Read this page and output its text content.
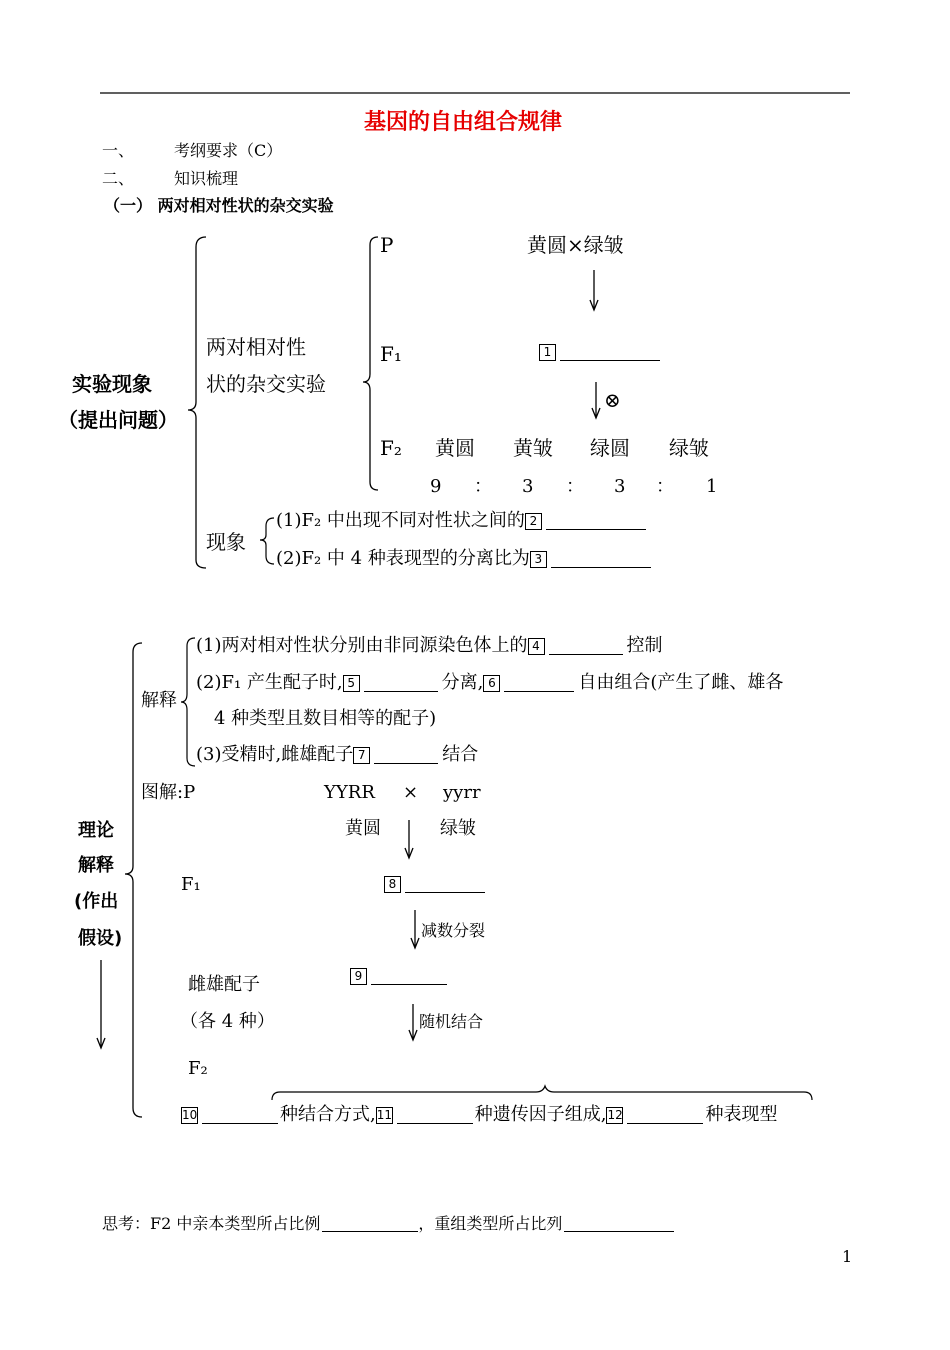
基因的自由组合规律
一、 考纲要求（C）
二、 知识梳理
（一） 两对相对性状的杂交实验
实验现象
（提出问题）
两对相对性
状的杂交实验
P	黄圆×绿皱
F₁	1
⊗
F₂ 黄圆 黄皱 绿圆 绿皱
9 ： 3 ： 3 ： 1
现象
(1)F₂ 中出现不同对性状之间的 2
(2)F₂ 中 4 种表现型的分离比为 3
理论
解释
(作出
假设)
解释
(1)两对相对性状分别由非同源染色体上的 4	控制
(2)F₁ 产生配子时, 5	分离, 6	自由组合(产生了雌、雄各
4 种类型且数目相等的配子)
(3)受精时,雌雄配子 7	结合
图解:P	YYRR × yyrr
黄圆	绿皱
F₁	8
减数分裂
雌雄配子
（各 4 种）
9
随机结合
F₂
10	种结合方式,11	种遗传因子组成,12	种表现型
思考：F2 中亲本类型所占比例	，重组类型所占比列
1
